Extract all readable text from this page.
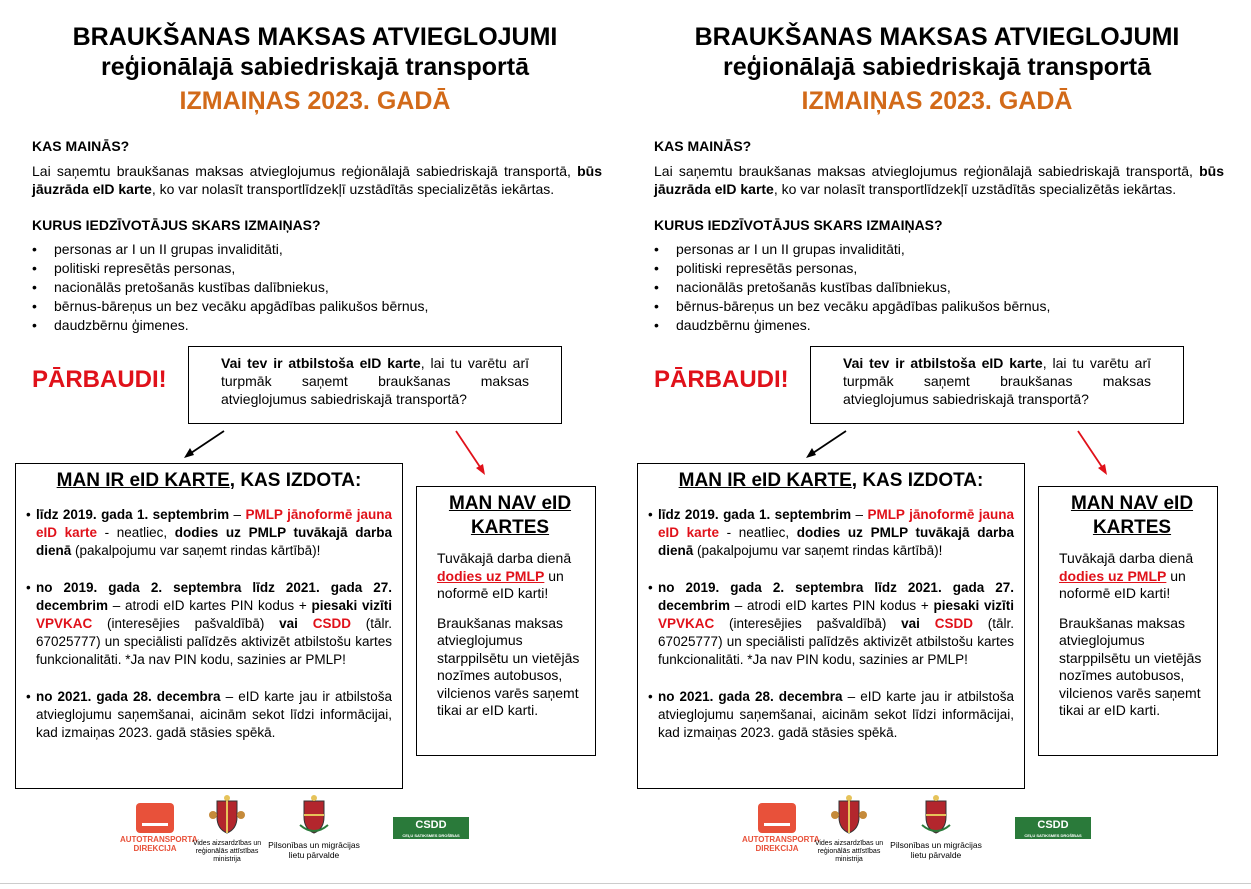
BRAUKŠANAS MAKSAS ATVIEGLOJUMI
reģionālajā sabiedriskajā transportā
IZMAIŅAS 2023. GADĀ
KAS MAINĀS?
Lai saņemtu braukšanas maksas atvieglojumus reģionālajā sabiedriskajā transportā, būs jāuzrāda eID karte, ko var nolasīt transportlīdzekļī uzstādītās specializētās iekārtas.
KURUS IEDZĪVOTĀJUS SKARS IZMAIŅAS?
• personas ar I un II grupas invaliditāti,
• politiski represētās personas,
• nacionālās pretošanās kustības dalībniekus,
• bērnus-bāreņus un bez vecāku apgādības palikušos bērnus,
• daudzbērnu ģimenes.
PĀRBAUDI!
Vai tev ir atbilstoša eID karte, lai tu varētu arī turpmāk saņemt braukšanas maksas atvieglojumus sabiedriskajā transportā?
MAN IR eID KARTE, KAS IZDOTA:
• līdz 2019. gada 1. septembrim – PMLP jānoformē jauna eID karte - neatliec, dodies uz PMLP tuvākajā darba dienā (pakalpojumu var saņemt rindas kārtībā)!
• no 2019. gada 2. septembra līdz 2021. gada 27. decembrim – atrodi eID kartes PIN kodus + piesaki vizīti VPVKAC (interesējies pašvaldībā) vai CSDD (tālr. 67025777) un speciālisti palīdzēs aktivizēt atbilstošu kartes funkcionalitāti. *Ja nav PIN kodu, sazinies ar PMLP!
• no 2021. gada 28. decembra – eID karte jau ir atbilstoša atvieglojumu saņemšanai, aicinām sekot līdzi informācijai, kad izmaiņas 2023. gadā stāsies spēkā.
MAN NAV eID KARTES

Tuvākajā darba dienā dodies uz PMLP un noformē eID karti!

Braukšanas maksas atvieglojumus starppilsētu un vietējās nozīmes autobusos, vilcienos varēs saņemt tikai ar eID karti.

AUTOTRANSPORTA DIREKCIJA
Vides aizsardzības un reģionālās attīstības ministrija
Pilsonības un migrācijas lietu pārvalde
CSDD
CEĻU SATIKSMES DROŠĪBAS DIREKCIJA
BRAUKŠANAS MAKSAS ATVIEGLOJUMI
reģionālajā sabiedriskajā transportā
IZMAIŅAS 2023. GADĀ
KAS MAINĀS?
Lai saņemtu braukšanas maksas atvieglojumus reģionālajā sabiedriskajā transportā, būs jāuzrāda eID karte, ko var nolasīt transportlīdzekļī uzstādītās specializētās iekārtas.
KURUS IEDZĪVOTĀJUS SKARS IZMAIŅAS?
• personas ar I un II grupas invaliditāti,
• politiski represētās personas,
• nacionālās pretošanās kustības dalībniekus,
• bērnus-bāreņus un bez vecāku apgādības palikušos bērnus,
• daudzbērnu ģimenes.
PĀRBAUDI!
Vai tev ir atbilstoša eID karte, lai tu varētu arī turpmāk saņemt braukšanas maksas atvieglojumus sabiedriskajā transportā?
MAN IR eID KARTE, KAS IZDOTA:
• līdz 2019. gada 1. septembrim – PMLP jānoformē jauna eID karte - neatliec, dodies uz PMLP tuvākajā darba dienā (pakalpojumu var saņemt rindas kārtībā)!
• no 2019. gada 2. septembra līdz 2021. gada 27. decembrim – atrodi eID kartes PIN kodus + piesaki vizīti VPVKAC (interesējies pašvaldībā) vai CSDD (tālr. 67025777) un speciālisti palīdzēs aktivizēt atbilstošu kartes funkcionalitāti. *Ja nav PIN kodu, sazinies ar PMLP!
• no 2021. gada 28. decembra – eID karte jau ir atbilstoša atvieglojumu saņemšanai, aicinām sekot līdzi informācijai, kad izmaiņas 2023. gadā stāsies spēkā.
MAN NAV eID KARTES

Tuvākajā darba dienā dodies uz PMLP un noformē eID karti!

Braukšanas maksas atvieglojumus starppilsētu un vietējās nozīmes autobusos, vilcienos varēs saņemt tikai ar eID karti.

AUTOTRANSPORTA DIREKCIJA
Vides aizsardzības un reģionālās attīstības ministrija
Pilsonības un migrācijas lietu pārvalde
CSDD
CEĻU SATIKSMES DROŠĪBAS DIREKCIJA
